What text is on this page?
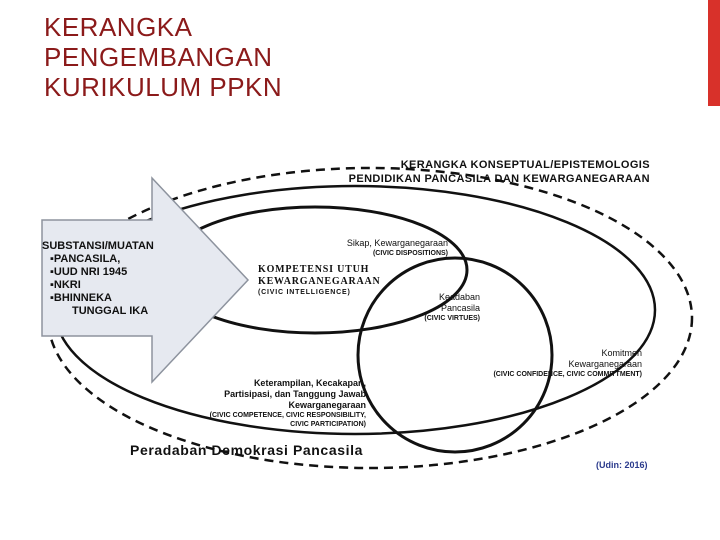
KERANGKA
PENGEMBANGAN
KURIKULUM PPKN

KERANGKA KONSEPTUAL/EPISTEMOLOGIS
PENDIDIKAN PANCASILA DAN KEWARGANEGARAAN

Sikap, Kewarganegaraan
(CIVIC DISPOSITIONS)

KOMPETENSI UTUH
KEWARGANEGARAAN
(CIVIC INTELLIGENCE)	Keadaban
Pancasila
(CIVIC VIRTUES)

Komitmen
Kewarganegaraan
(CIVIC CONFIDENCE, CIVIC COMMITTMENT)

Keterampilan, Kecakapan,
Partisipasi, dan Tanggung Jawab
Kewarganegaraan
(CIVIC COMPETENCE, CIVIC RESPONSIBILITY,
CIVIC PARTICIPATION)

SUBSTANSI/MUATAN
▪PANCASILA,
▪UUD NRI 1945
▪NKRI
▪BHINNEKA
TUNGGAL IKA

Peradaban Demokrasi Pancasila

(Udin: 2016)
